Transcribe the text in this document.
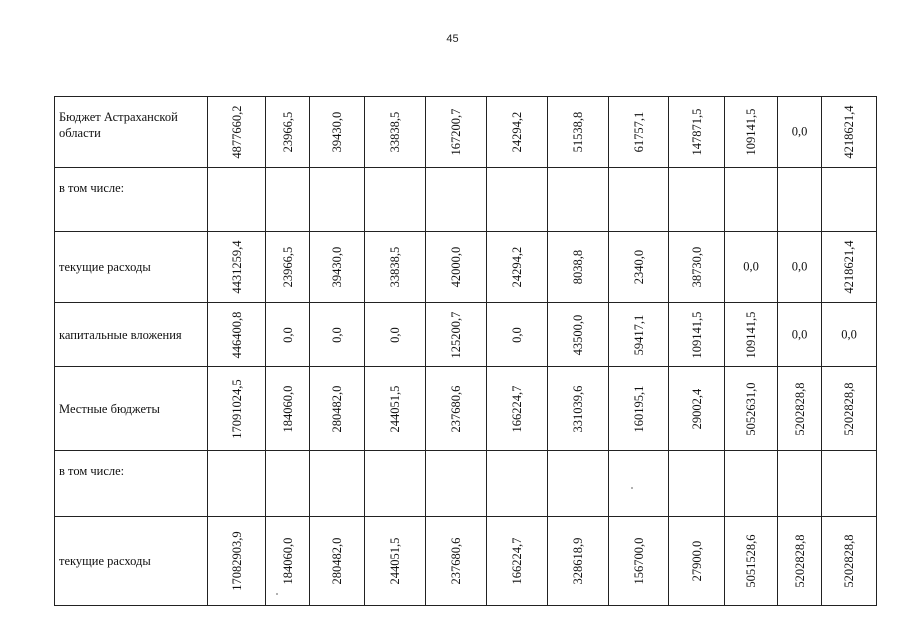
45
Бюджет Астраханской области	4877660,2	23966,5	39430,0	33838,5	167200,7	24294,2	51538,8	61757,1	147871,5	109141,5	0,0	4218621,4
в том числе:
текущие расходы	4431259,4	23966,5	39430,0	33838,5	42000,0	24294,2	8038,8	2340,0	38730,0	0,0	0,0	4218621,4
капитальные вложения	446400,8	0,0	0,0	0,0	125200,7	0,0	43500,0	59417,1	109141,5	109141,5	0,0	0,0
Местные бюджеты	17091024,5	184060,0	280482,0	244051,5	237680,6	166224,7	331039,6	160195,1	29002,4	5052631,0	5202828,8	5202828,8
в том числе:
текущие расходы	17082903,9	184060,0	280482,0	244051,5	237680,6	166224,7	328618,9	156700,0	27900,0	5051528,6	5202828,8	5202828,8
